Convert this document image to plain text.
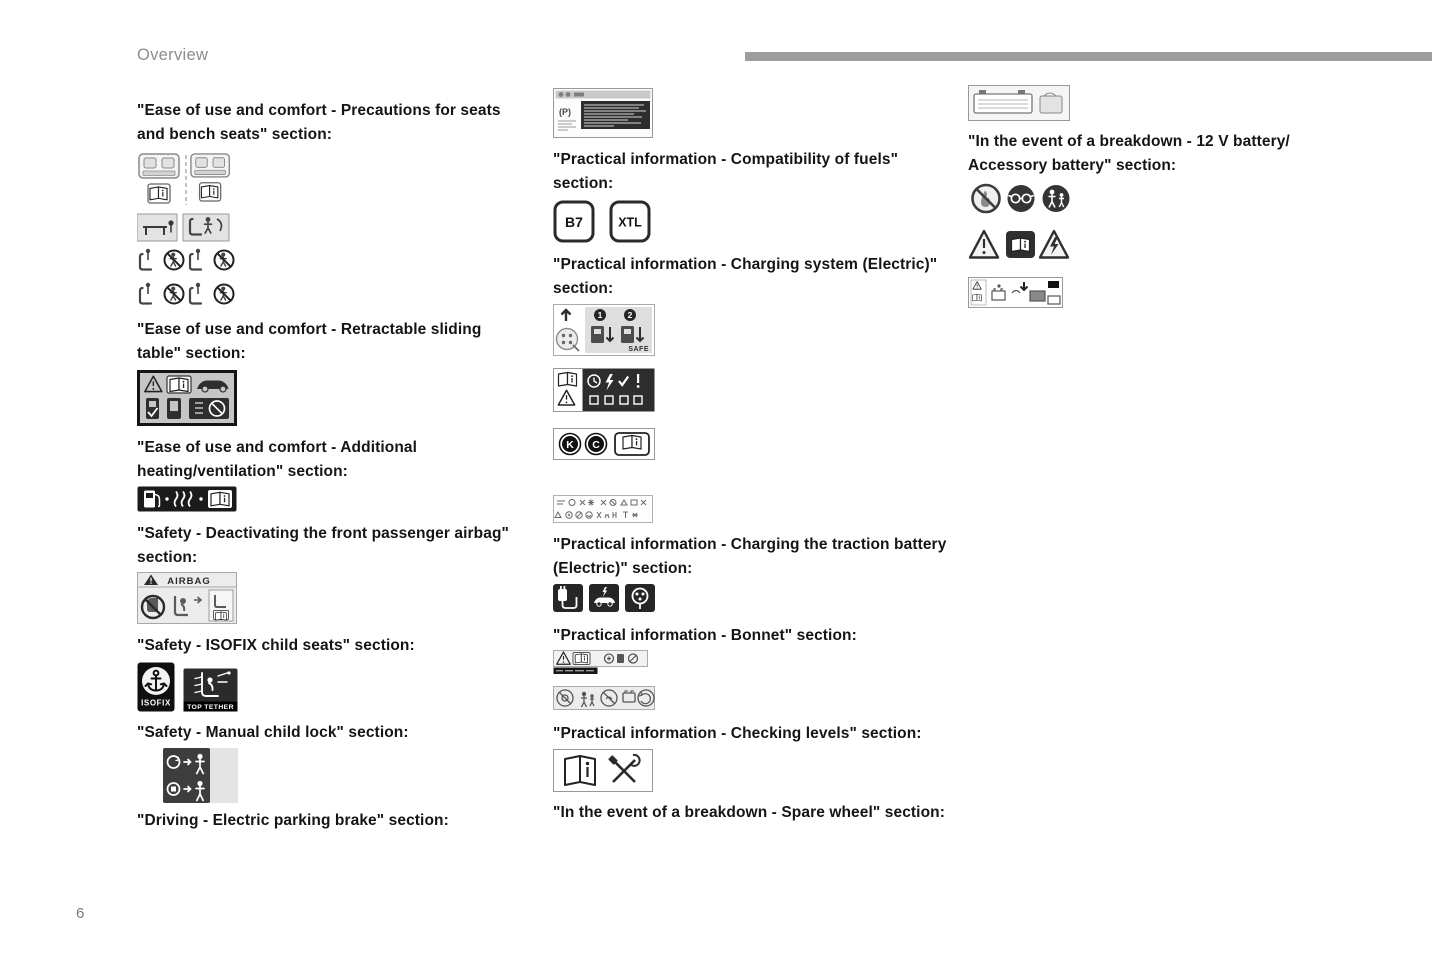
Overview
"Ease of use and comfort - Precautions for seats and bench seats" section:
"Ease of use and comfort - Retractable sliding table" section:
"Ease of use and comfort - Additional heating/ventilation" section:
"Safety - Deactivating the front passenger airbag" section:
AIRBAG
"Safety - ISOFIX child seats" section:
ISOFIX TOP TETHER
"Safety - Manual child lock" section:
"Driving - Electric parking brake" section:
(P)
"Practical information - Compatibility of fuels" section:
B7	XTL
"Practical information - Charging system (Electric)" section:
1	2
SAFE
K C
"Practical information - Charging the traction battery (Electric)" section:
"Practical information - Bonnet" section:
"Practical information - Checking levels" section:
"In the event of a breakdown - Spare wheel" section:
"In the event of a breakdown - 12 V battery/​Accessory battery" section:
6
